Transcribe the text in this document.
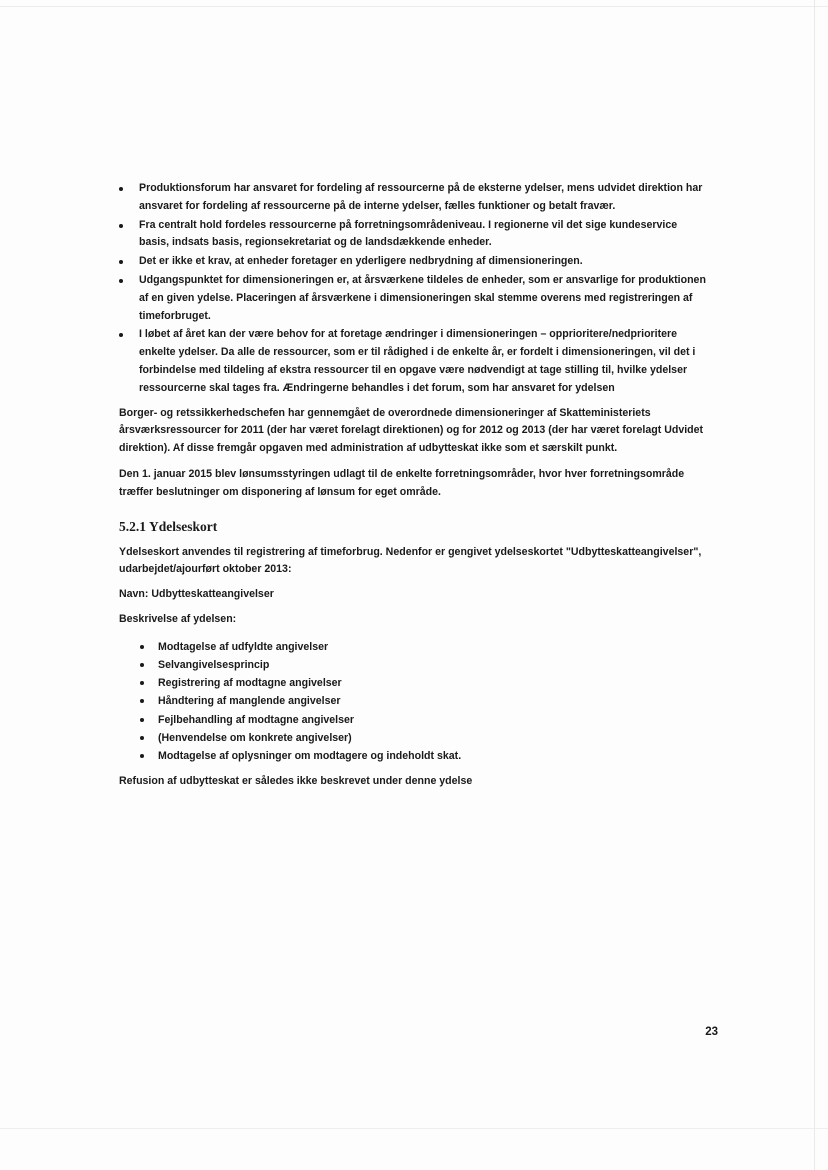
Produktionsforum har ansvaret for fordeling af ressourcerne på de eksterne ydelser, mens udvidet direktion har ansvaret for fordeling af ressourcerne på de interne ydelser, fælles funktioner og betalt fravær.
Fra centralt hold fordeles ressourcerne på forretningsområdeniveau. I regionerne vil det sige kundeservice basis, indsats basis, regionsekretariat og de landsdækkende enheder.
Det er ikke et krav, at enheder foretager en yderligere nedbrydning af dimensioneringen.
Udgangspunktet for dimensioneringen er, at årsværkene tildeles de enheder, som er ansvarlige for produktionen af en given ydelse. Placeringen af årsværkene i dimensioneringen skal stemme overens med registreringen af timeforbruget.
I løbet af året kan der være behov for at foretage ændringer i dimensioneringen – opprioritere/nedprioritere enkelte ydelser. Da alle de ressourcer, som er til rådighed i de enkelte år, er fordelt i dimensioneringen, vil det i forbindelse med tildeling af ekstra ressourcer til en opgave være nødvendigt at tage stilling til, hvilke ydelser ressourcerne skal tages fra. Ændringerne behandles i det forum, som har ansvaret for ydelsen

Borger- og retssikkerhedschefen har gennemgået de overordnede dimensioneringer af Skatteministeriets årsværksressourcer for 2011 (der har været forelagt direktionen) og for 2012 og 2013 (der har været forelagt Udvidet direktion). Af disse fremgår opgaven med administration af udbytteskat ikke som et særskilt punkt.

Den 1. januar 2015 blev lønsumsstyringen udlagt til de enkelte forretningsområder, hvor hver forretningsområde træffer beslutninger om disponering af lønsum for eget område.

5.2.1 Ydelseskort

Ydelseskort anvendes til registrering af timeforbrug. Nedenfor er gengivet ydelseskortet "Udbytteskatteangivelser", udarbejdet/ajourført oktober 2013:

Navn: Udbytteskatteangivelser

Beskrivelse af ydelsen:

Modtagelse af udfyldte angivelser
Selvangivelsesprincip
Registrering af modtagne angivelser
Håndtering af manglende angivelser
Fejlbehandling af modtagne angivelser
(Henvendelse om konkrete angivelser)
Modtagelse af oplysninger om modtagere og indeholdt skat.

Refusion af udbytteskat er således ikke beskrevet under denne ydelse

23
